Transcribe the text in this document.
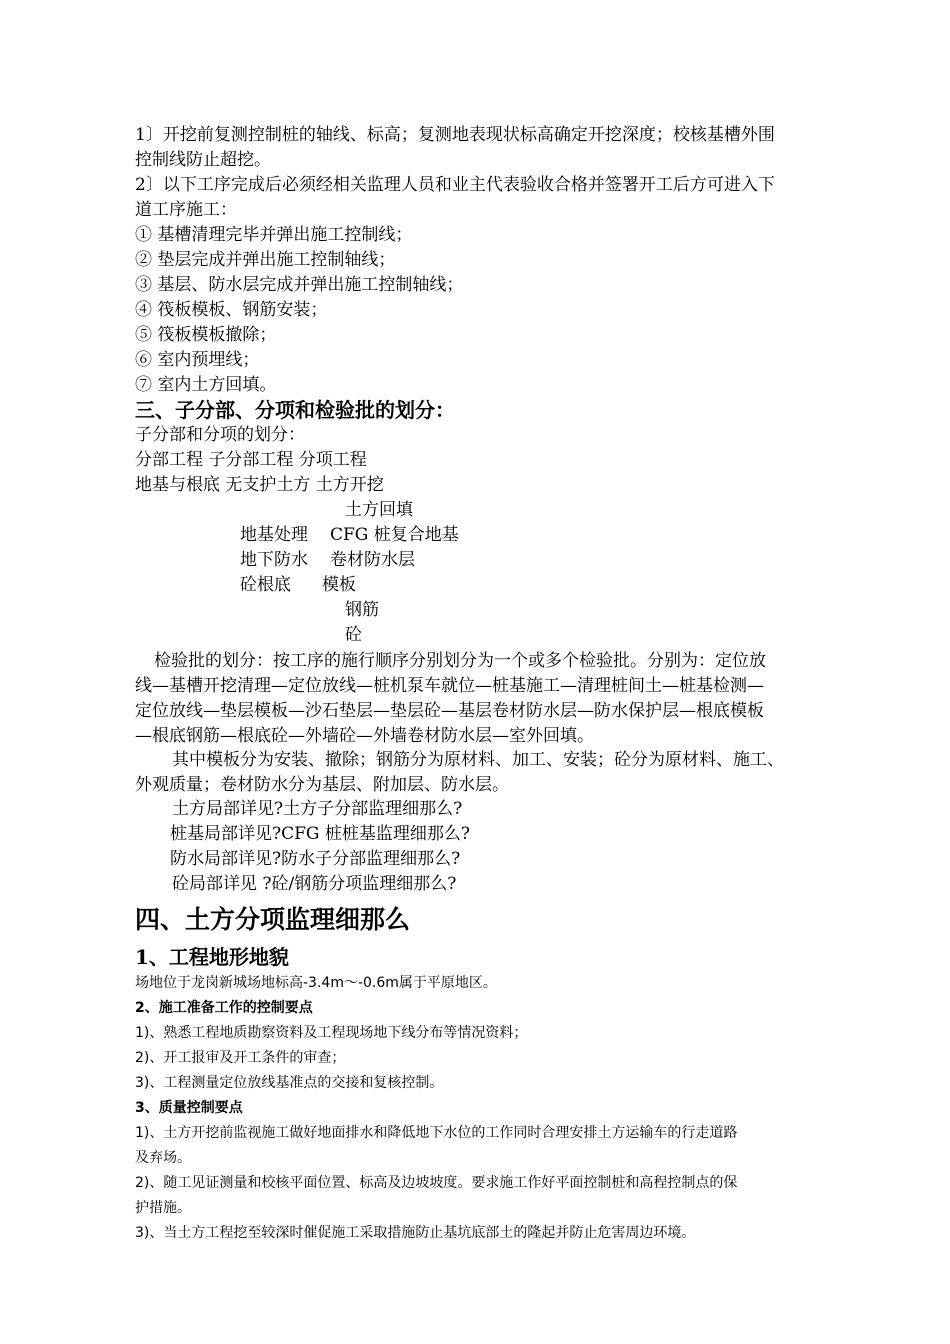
1〕开挖前复测控制桩的轴线、标高；复测地表现状标高确定开挖深度；校核基槽外围
控制线防止超挖。
2〕以下工序完成后必须经相关监理人员和业主代表验收合格并签署开工后方可进入下
道工序施工：
① 基槽清理完毕并弹出施工控制线；
② 垫层完成并弹出施工控制轴线；
③ 基层、防水层完成并弹出施工控制轴线；
④ 筏板模板、钢筋安装；
⑤ 筏板模板撤除；
⑥ 室内预埋线；
⑦ 室内土方回填。
三、子分部、分项和检验批的划分：
子分部和分项的划分：
分部工程 子分部工程 分项工程
地基与根底 无支护土方 土方开挖
土方回填
地基处理 CFG 桩复合地基
地下防水 卷材防水层
砼根底 模板
钢筋
砼
检验批的划分：按工序的施行顺序分别划分为一个或多个检验批。分别为：定位放
线—基槽开挖清理—定位放线—桩机泵车就位—桩基施工—清理桩间土—桩基检测—
定位放线—垫层模板—沙石垫层—垫层砼—基层卷材防水层—防水保护层—根底模板
—根底钢筋—根底砼—外墙砼—外墙卷材防水层—室外回填。
其中模板分为安装、撤除；钢筋分为原材料、加工、安装；砼分为原材料、施工、
外观质量；卷材防水分为基层、附加层、防水层。
土方局部详见?土方子分部监理细那么?
桩基局部详见?CFG 桩桩基监理细那么?
防水局部详见?防水子分部监理细那么?
砼局部详见 ?砼/钢筋分项监理细那么?
四、土方分项监理细那么
1、工程地形地貌
场地位于龙岗新城场地标高-3.4m～-0.6m属于平原地区。
2、施工准备工作的控制要点
1)、熟悉工程地质勘察资料及工程现场地下线分布等情况资料；
2)、开工报审及开工条件的审查；
3)、工程测量定位放线基准点的交接和复核控制。
3、质量控制要点
1)、土方开挖前监视施工做好地面排水和降低地下水位的工作同时合理安排土方运输车的行走道路
及弃场。
2)、随工见证测量和校核平面位置、标高及边坡坡度。要求施工作好平面控制桩和高程控制点的保
护措施。
3)、当土方工程挖至较深时催促施工采取措施防止基坑底部土的隆起并防止危害周边环境。
